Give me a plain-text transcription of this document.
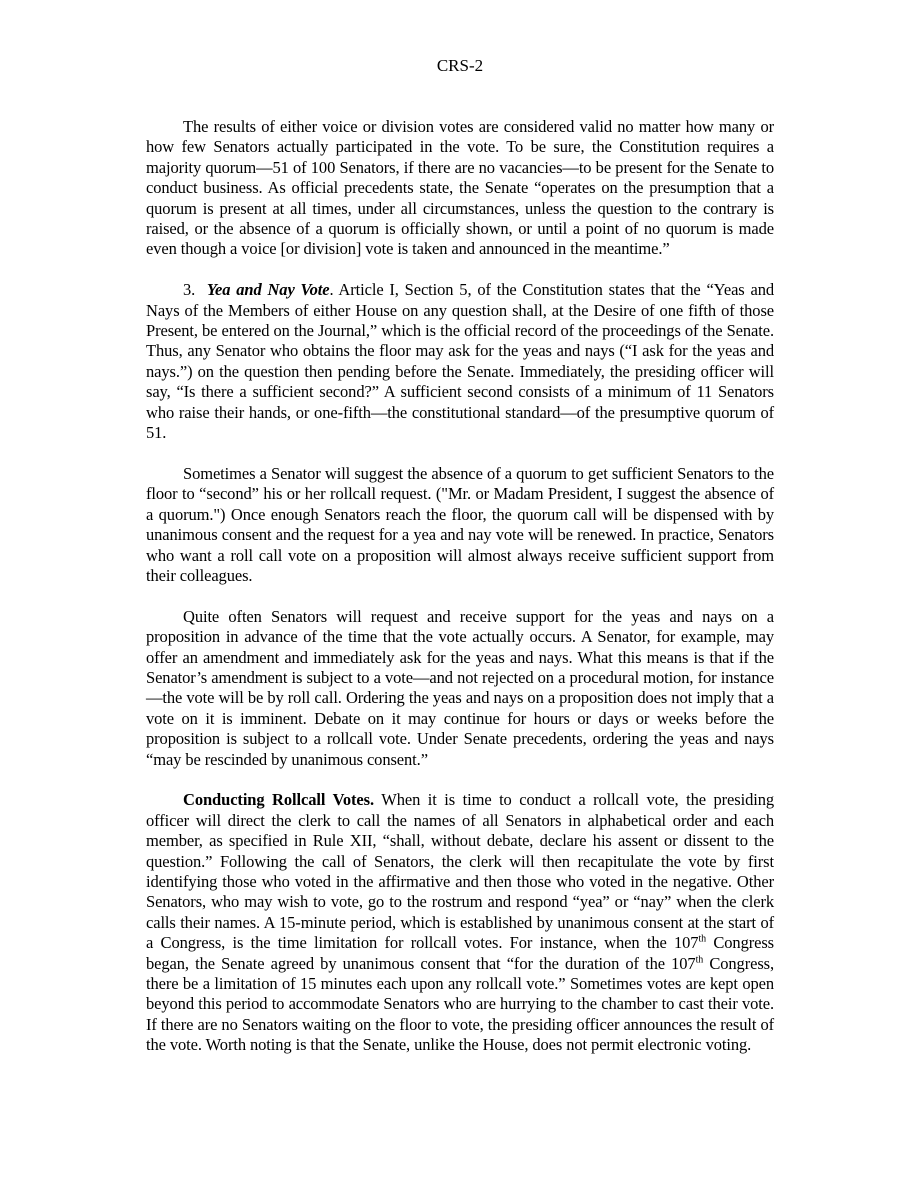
CRS-2

The results of either voice or division votes are considered valid no matter how many or how few Senators actually participated in the vote. To be sure, the Constitution requires a majority quorum—51 of 100 Senators, if there are no vacancies—to be present for the Senate to conduct business. As official precedents state, the Senate “operates on the presumption that a quorum is present at all times, under all circumstances, unless the question to the contrary is raised, or the absence of a quorum is officially shown, or until a point of no quorum is made even though a voice [or division] vote is taken and announced in the meantime.”

3. Yea and Nay Vote. Article I, Section 5, of the Constitution states that the “Yeas and Nays of the Members of either House on any question shall, at the Desire of one fifth of those Present, be entered on the Journal,” which is the official record of the proceedings of the Senate. Thus, any Senator who obtains the floor may ask for the yeas and nays (“I ask for the yeas and nays.”) on the question then pending before the Senate. Immediately, the presiding officer will say, “Is there a sufficient second?” A sufficient second consists of a minimum of 11 Senators who raise their hands, or one-fifth—the constitutional standard—of the presumptive quorum of 51.

Sometimes a Senator will suggest the absence of a quorum to get sufficient Senators to the floor to “second” his or her rollcall request. ("Mr. or Madam President, I suggest the absence of a quorum.") Once enough Senators reach the floor, the quorum call will be dispensed with by unanimous consent and the request for a yea and nay vote will be renewed. In practice, Senators who want a roll call vote on a proposition will almost always receive sufficient support from their colleagues.

Quite often Senators will request and receive support for the yeas and nays on a proposition in advance of the time that the vote actually occurs. A Senator, for example, may offer an amendment and immediately ask for the yeas and nays. What this means is that if the Senator’s amendment is subject to a vote—and not rejected on a procedural motion, for instance—the vote will be by roll call. Ordering the yeas and nays on a proposition does not imply that a vote on it is imminent. Debate on it may continue for hours or days or weeks before the proposition is subject to a rollcall vote. Under Senate precedents, ordering the yeas and nays “may be rescinded by unanimous consent.”

Conducting Rollcall Votes. When it is time to conduct a rollcall vote, the presiding officer will direct the clerk to call the names of all Senators in alphabetical order and each member, as specified in Rule XII, “shall, without debate, declare his assent or dissent to the question.” Following the call of Senators, the clerk will then recapitulate the vote by first identifying those who voted in the affirmative and then those who voted in the negative. Other Senators, who may wish to vote, go to the rostrum and respond “yea” or “nay” when the clerk calls their names. A 15-minute period, which is established by unanimous consent at the start of a Congress, is the time limitation for rollcall votes. For instance, when the 107th Congress began, the Senate agreed by unanimous consent that “for the duration of the 107th Congress, there be a limitation of 15 minutes each upon any rollcall vote.” Sometimes votes are kept open beyond this period to accommodate Senators who are hurrying to the chamber to cast their vote. If there are no Senators waiting on the floor to vote, the presiding officer announces the result of the vote. Worth noting is that the Senate, unlike the House, does not permit electronic voting.
